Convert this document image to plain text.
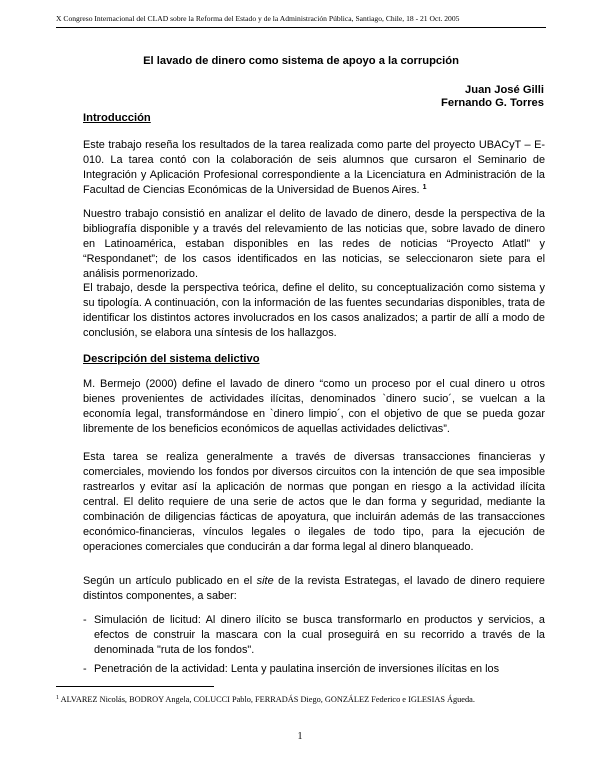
X Congreso Internacional del CLAD sobre la Reforma del Estado y de la Administración Pública, Santiago, Chile, 18 - 21 Oct. 2005
El lavado de dinero como sistema de apoyo a la corrupción
Juan José Gilli
Fernando G. Torres
Introducción
Este trabajo reseña los resultados de la tarea realizada como parte del proyecto UBACyT – E-010. La tarea contó con la colaboración de seis alumnos que cursaron el Seminario de Integración y Aplicación Profesional correspondiente a la Licenciatura en Administración de la Facultad de Ciencias Económicas de la Universidad de Buenos Aires. $^1$
Nuestro trabajo consistió en analizar el delito de lavado de dinero, desde la perspectiva de la bibliografía disponible y a través del relevamiento de las noticias que, sobre lavado de dinero en Latinoamérica, estaban disponibles en las redes de noticias “Proyecto Atlatl” y “Respondanet”; de los casos identificados en las noticias, se seleccionaron siete para el análisis pormenorizado.
El trabajo, desde la perspectiva teórica, define el delito, su conceptualización como sistema y su tipología. A continuación, con la información de las fuentes secundarias disponibles, trata de identificar los distintos actores involucrados en los casos analizados; a partir de allí a modo de conclusión, se elabora una síntesis de los hallazgos.
Descripción del sistema delictivo
M. Bermejo (2000) define el lavado de dinero “como un proceso por el cual dinero u otros bienes provenientes de actividades ilícitas, denominados `dinero sucio´, se vuelcan a la economía legal, transformándose en `dinero limpio´, con el objetivo de que se pueda gozar libremente de los beneficios económicos de aquellas actividades delictivas”.
Esta tarea se realiza generalmente a través de diversas transacciones financieras y comerciales, moviendo los fondos por diversos circuitos con la intención de que sea imposible rastrearlos y evitar así la aplicación de normas que pongan en riesgo a la actividad ilícita central. El delito requiere de una serie de actos que le dan forma y seguridad, mediante la combinación de diligencias fácticas de apoyatura, que incluirán además de las transacciones económico-financieras, vínculos legales o ilegales de todo tipo, para la ejecución de operaciones comerciales que conducirán a dar forma legal al dinero blanqueado.
Según un artículo publicado en el site de la revista Estrategas, el lavado de dinero requiere distintos componentes, a saber:
- Simulación de licitud: Al dinero ilícito se busca transformarlo en productos y servicios, a efectos de construir la mascara con la cual proseguirá en su recorrido a través de la denominada "ruta de los fondos".
- Penetración de la actividad: Lenta y paulatina inserción de inversiones ilícitas en los
$^1$ ALVAREZ Nicolás, BODROY Angela, COLUCCI Pablo, FERRADÁS Diego, GONZÁLEZ Federico e IGLESIAS Águeda.
1
